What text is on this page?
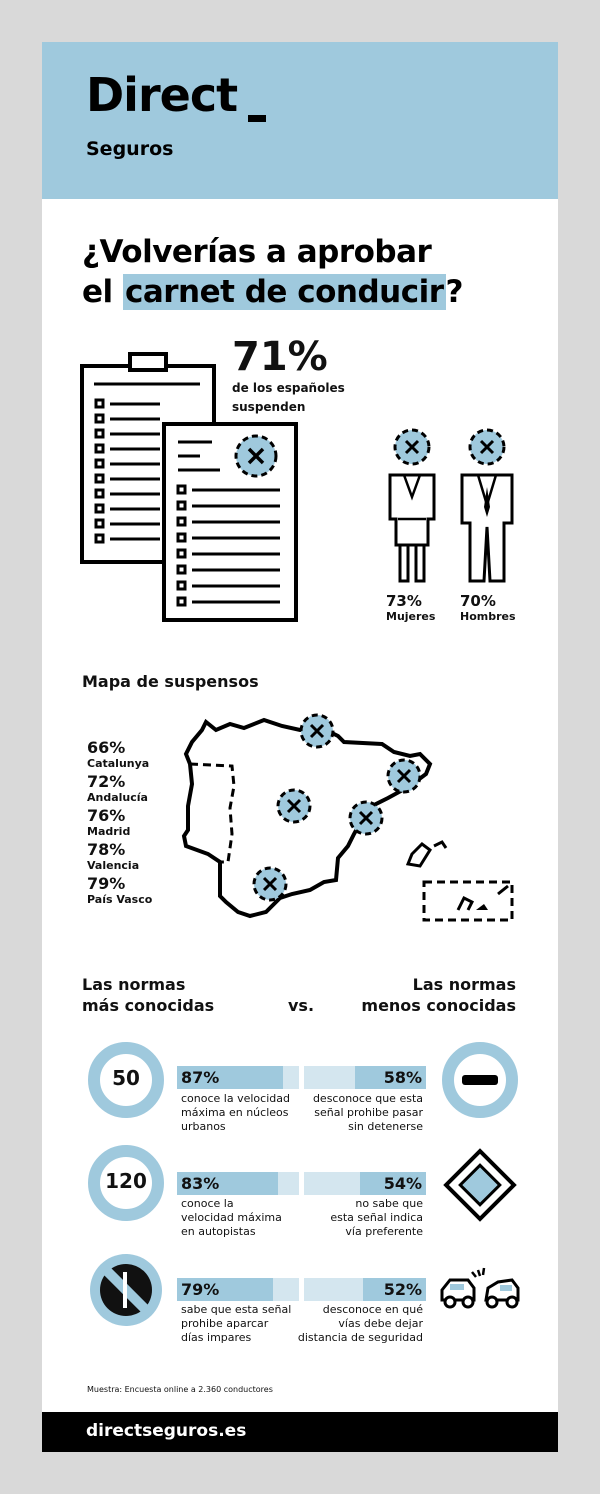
Direct
Seguros
¿Volverías a aprobar
el carnet de conducir?
71%
de los españoles
suspenden
73%
Mujeres
70%
Hombres
Mapa de suspensos
66%
Catalunya
72%
Andalucía
76%
Madrid
78%
Valencia
79%
País Vasco
Las normas
más conocidas	vs.
Las normas
menos conocidas
50	87%
conoce la velocidad
máxima en núcleos
urbanos
58%
desconoce que esta
señal prohibe pasar
sin detenerse
120	83%
conoce la
velocidad máxima
en autopistas
54%
no sabe que
esta señal indica
vía preferente
79%
sabe que esta señal
prohibe aparcar
días impares
52%
desconoce en qué
vías debe dejar
distancia de seguridad
Muestra: Encuesta online a 2.360 conductores
directseguros.es
